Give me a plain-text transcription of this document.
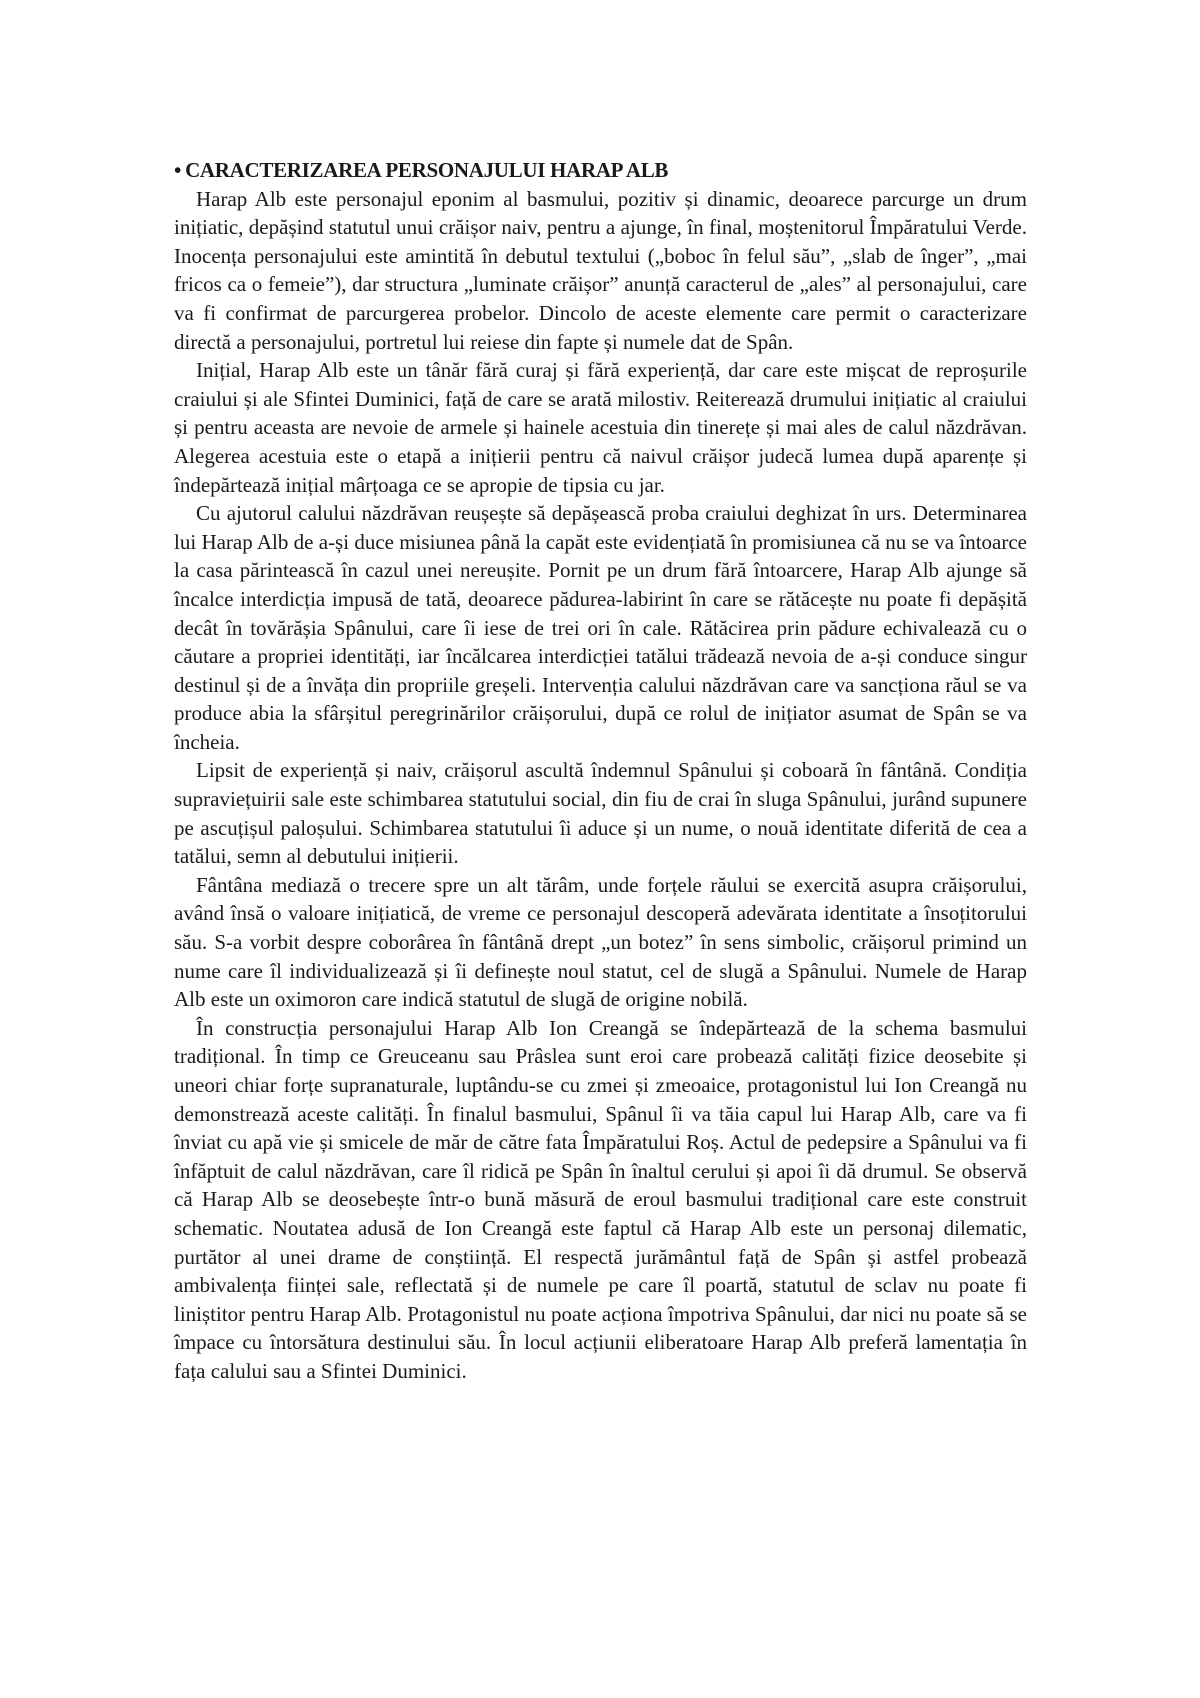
• CARACTERIZAREA PERSONAJULUI HARAP ALB

Harap Alb este personajul eponim al basmului, pozitiv și dinamic, deoarece parcurge un drum inițiatic, depășind statutul unui crăișor naiv, pentru a ajunge, în final, moștenitorul Împăratului Verde. Inocența personajului este amintită în debutul textului („boboc în felul său”, „slab de înger”, „mai fricos ca o femeie”), dar structura „luminate crăișor” anunță caracterul de „ales” al personajului, care va fi confirmat de parcurgerea probelor. Dincolo de aceste elemente care permit o caracterizare directă a personajului, portretul lui reiese din fapte și numele dat de Spân.

Inițial, Harap Alb este un tânăr fără curaj și fără experiență, dar care este mișcat de reproșurile craiului și ale Sfintei Duminici, față de care se arată milostiv. Reiterează drumului inițiatic al craiului și pentru aceasta are nevoie de armele și hainele acestuia din tinerețe și mai ales de calul năzdrăvan. Alegerea acestuia este o etapă a inițierii pentru că naivul crăișor judecă lumea după aparențe și îndepărtează inițial mârțoaga ce se apropie de tipsia cu jar.

Cu ajutorul calului năzdrăvan reușește să depășească proba craiului deghizat în urs. Determinarea lui Harap Alb de a-și duce misiunea până la capăt este evidențiată în promisiunea că nu se va întoarce la casa părintească în cazul unei nereușite. Pornit pe un drum fără întoarcere, Harap Alb ajunge să încalce interdicția impusă de tată, deoarece pădurea-labirint în care se rătăcește nu poate fi depășită decât în tovărășia Spânului, care îi iese de trei ori în cale. Rătăcirea prin pădure echivalează cu o căutare a propriei identități, iar încălcarea interdicției tatălui trădează nevoia de a-și conduce singur destinul și de a învăța din propriile greșeli. Intervenția calului năzdrăvan care va sancționa răul se va produce abia la sfârșitul peregrinărilor crăișorului, după ce rolul de inițiator asumat de Spân se va încheia.

Lipsit de experiență și naiv, crăișorul ascultă îndemnul Spânului și coboară în fântână. Condiția supraviețuirii sale este schimbarea statutului social, din fiu de crai în sluga Spânului, jurând supunere pe ascuțișul paloșului. Schimbarea statutului îi aduce și un nume, o nouă identitate diferită de cea a tatălui, semn al debutului inițierii.

Fântâna mediază o trecere spre un alt tărâm, unde forțele răului se exercită asupra crăișorului, având însă o valoare inițiatică, de vreme ce personajul descoperă adevărata identitate a însoțitorului său. S-a vorbit despre coborârea în fântână drept „un botez” în sens simbolic, crăișorul primind un nume care îl individualizează și îi definește noul statut, cel de slugă a Spânului. Numele de Harap Alb este un oximoron care indică statutul de slugă de origine nobilă.

În construcția personajului Harap Alb Ion Creangă se îndepărtează de la schema basmului tradițional. În timp ce Greuceanu sau Prâslea sunt eroi care probează calități fizice deosebite și uneori chiar forțe supranaturale, luptându-se cu zmei și zmeoaice, protagonistul lui Ion Creangă nu demonstrează aceste calități. În finalul basmului, Spânul îi va tăia capul lui Harap Alb, care va fi înviat cu apă vie și smicele de măr de către fata Împăratului Roș. Actul de pedepsire a Spânului va fi înfăptuit de calul năzdrăvan, care îl ridică pe Spân în înaltul cerului și apoi îi dă drumul. Se observă că Harap Alb se deosebește într-o bună măsură de eroul basmului tradițional care este construit schematic. Noutatea adusă de Ion Creangă este faptul că Harap Alb este un personaj dilematic, purtător al unei drame de conștiință. El respectă jurământul față de Spân și astfel probează ambivalența ființei sale, reflectată și de numele pe care îl poartă, statutul de sclav nu poate fi liniștitor pentru Harap Alb. Protagonistul nu poate acționa împotriva Spânului, dar nici nu poate să se împace cu întorsătura destinului său. În locul acțiunii eliberatoare Harap Alb preferă lamentația în fața calului sau a Sfintei Duminici.
